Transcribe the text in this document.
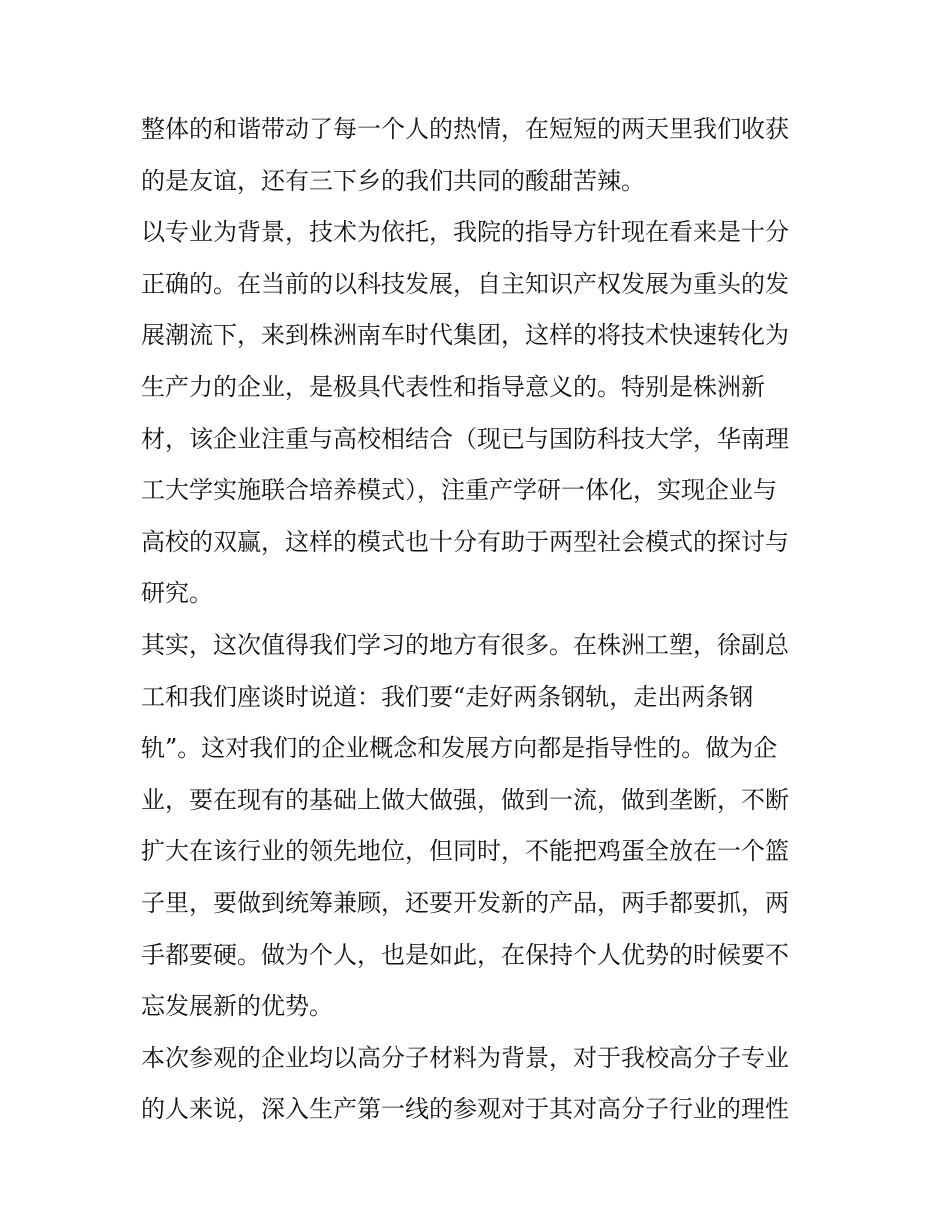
整体的和谐带动了每一个人的热情，在短短的两天里我们收获
的是友谊，还有三下乡的我们共同的酸甜苦辣。
以专业为背景，技术为依托，我院的指导方针现在看来是十分
正确的。在当前的以科技发展，自主知识产权发展为重头的发
展潮流下，来到株洲南车时代集团，这样的将技术快速转化为
生产力的企业，是极具代表性和指导意义的。特别是株洲新
材，该企业注重与高校相结合（现已与国防科技大学，华南理
工大学实施联合培养模式），注重产学研一体化，实现企业与
高校的双赢，这样的模式也十分有助于两型社会模式的探讨与
研究。
其实，这次值得我们学习的地方有很多。在株洲工塑，徐副总
工和我们座谈时说道：我们要“走好两条钢轨，走出两条钢
轨”。这对我们的企业概念和发展方向都是指导性的。做为企
业，要在现有的基础上做大做强，做到一流，做到垄断，不断
扩大在该行业的领先地位，但同时，不能把鸡蛋全放在一个篮
子里，要做到统筹兼顾，还要开发新的产品，两手都要抓，两
手都要硬。做为个人，也是如此，在保持个人优势的时候要不
忘发展新的优势。
本次参观的企业均以高分子材料为背景，对于我校高分子专业
的人来说，深入生产第一线的参观对于其对高分子行业的理性
